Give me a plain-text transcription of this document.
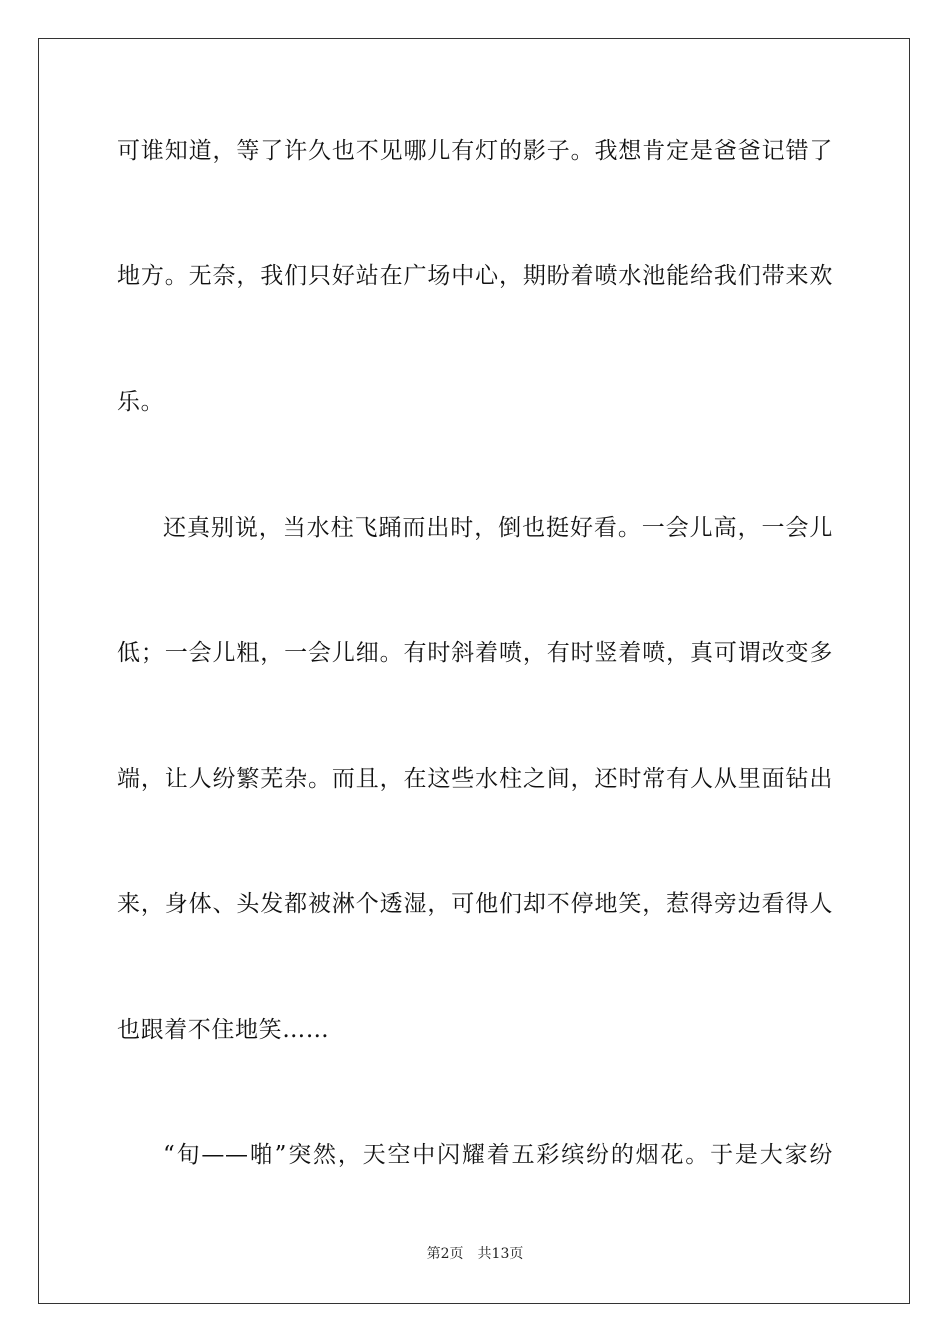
可谁知道，等了许久也不见哪儿有灯的影子。我想肯定是爸爸记错了
地方。无奈，我们只好站在广场中心，期盼着喷水池能给我们带来欢
乐。
还真别说，当水柱飞踊而出时，倒也挺好看。一会儿高，一会儿
低；一会儿粗，一会儿细。有时斜着喷，有时竖着喷，真可谓改变多
端，让人纷繁芜杂。而且，在这些水柱之间，还时常有人从里面钻出
来，身体、头发都被淋个透湿，可他们却不停地笑，惹得旁边看得人
也跟着不住地笑……
“旬——啪”突然，天空中闪耀着五彩缤纷的烟花。于是大家纷
第2页 共13页
